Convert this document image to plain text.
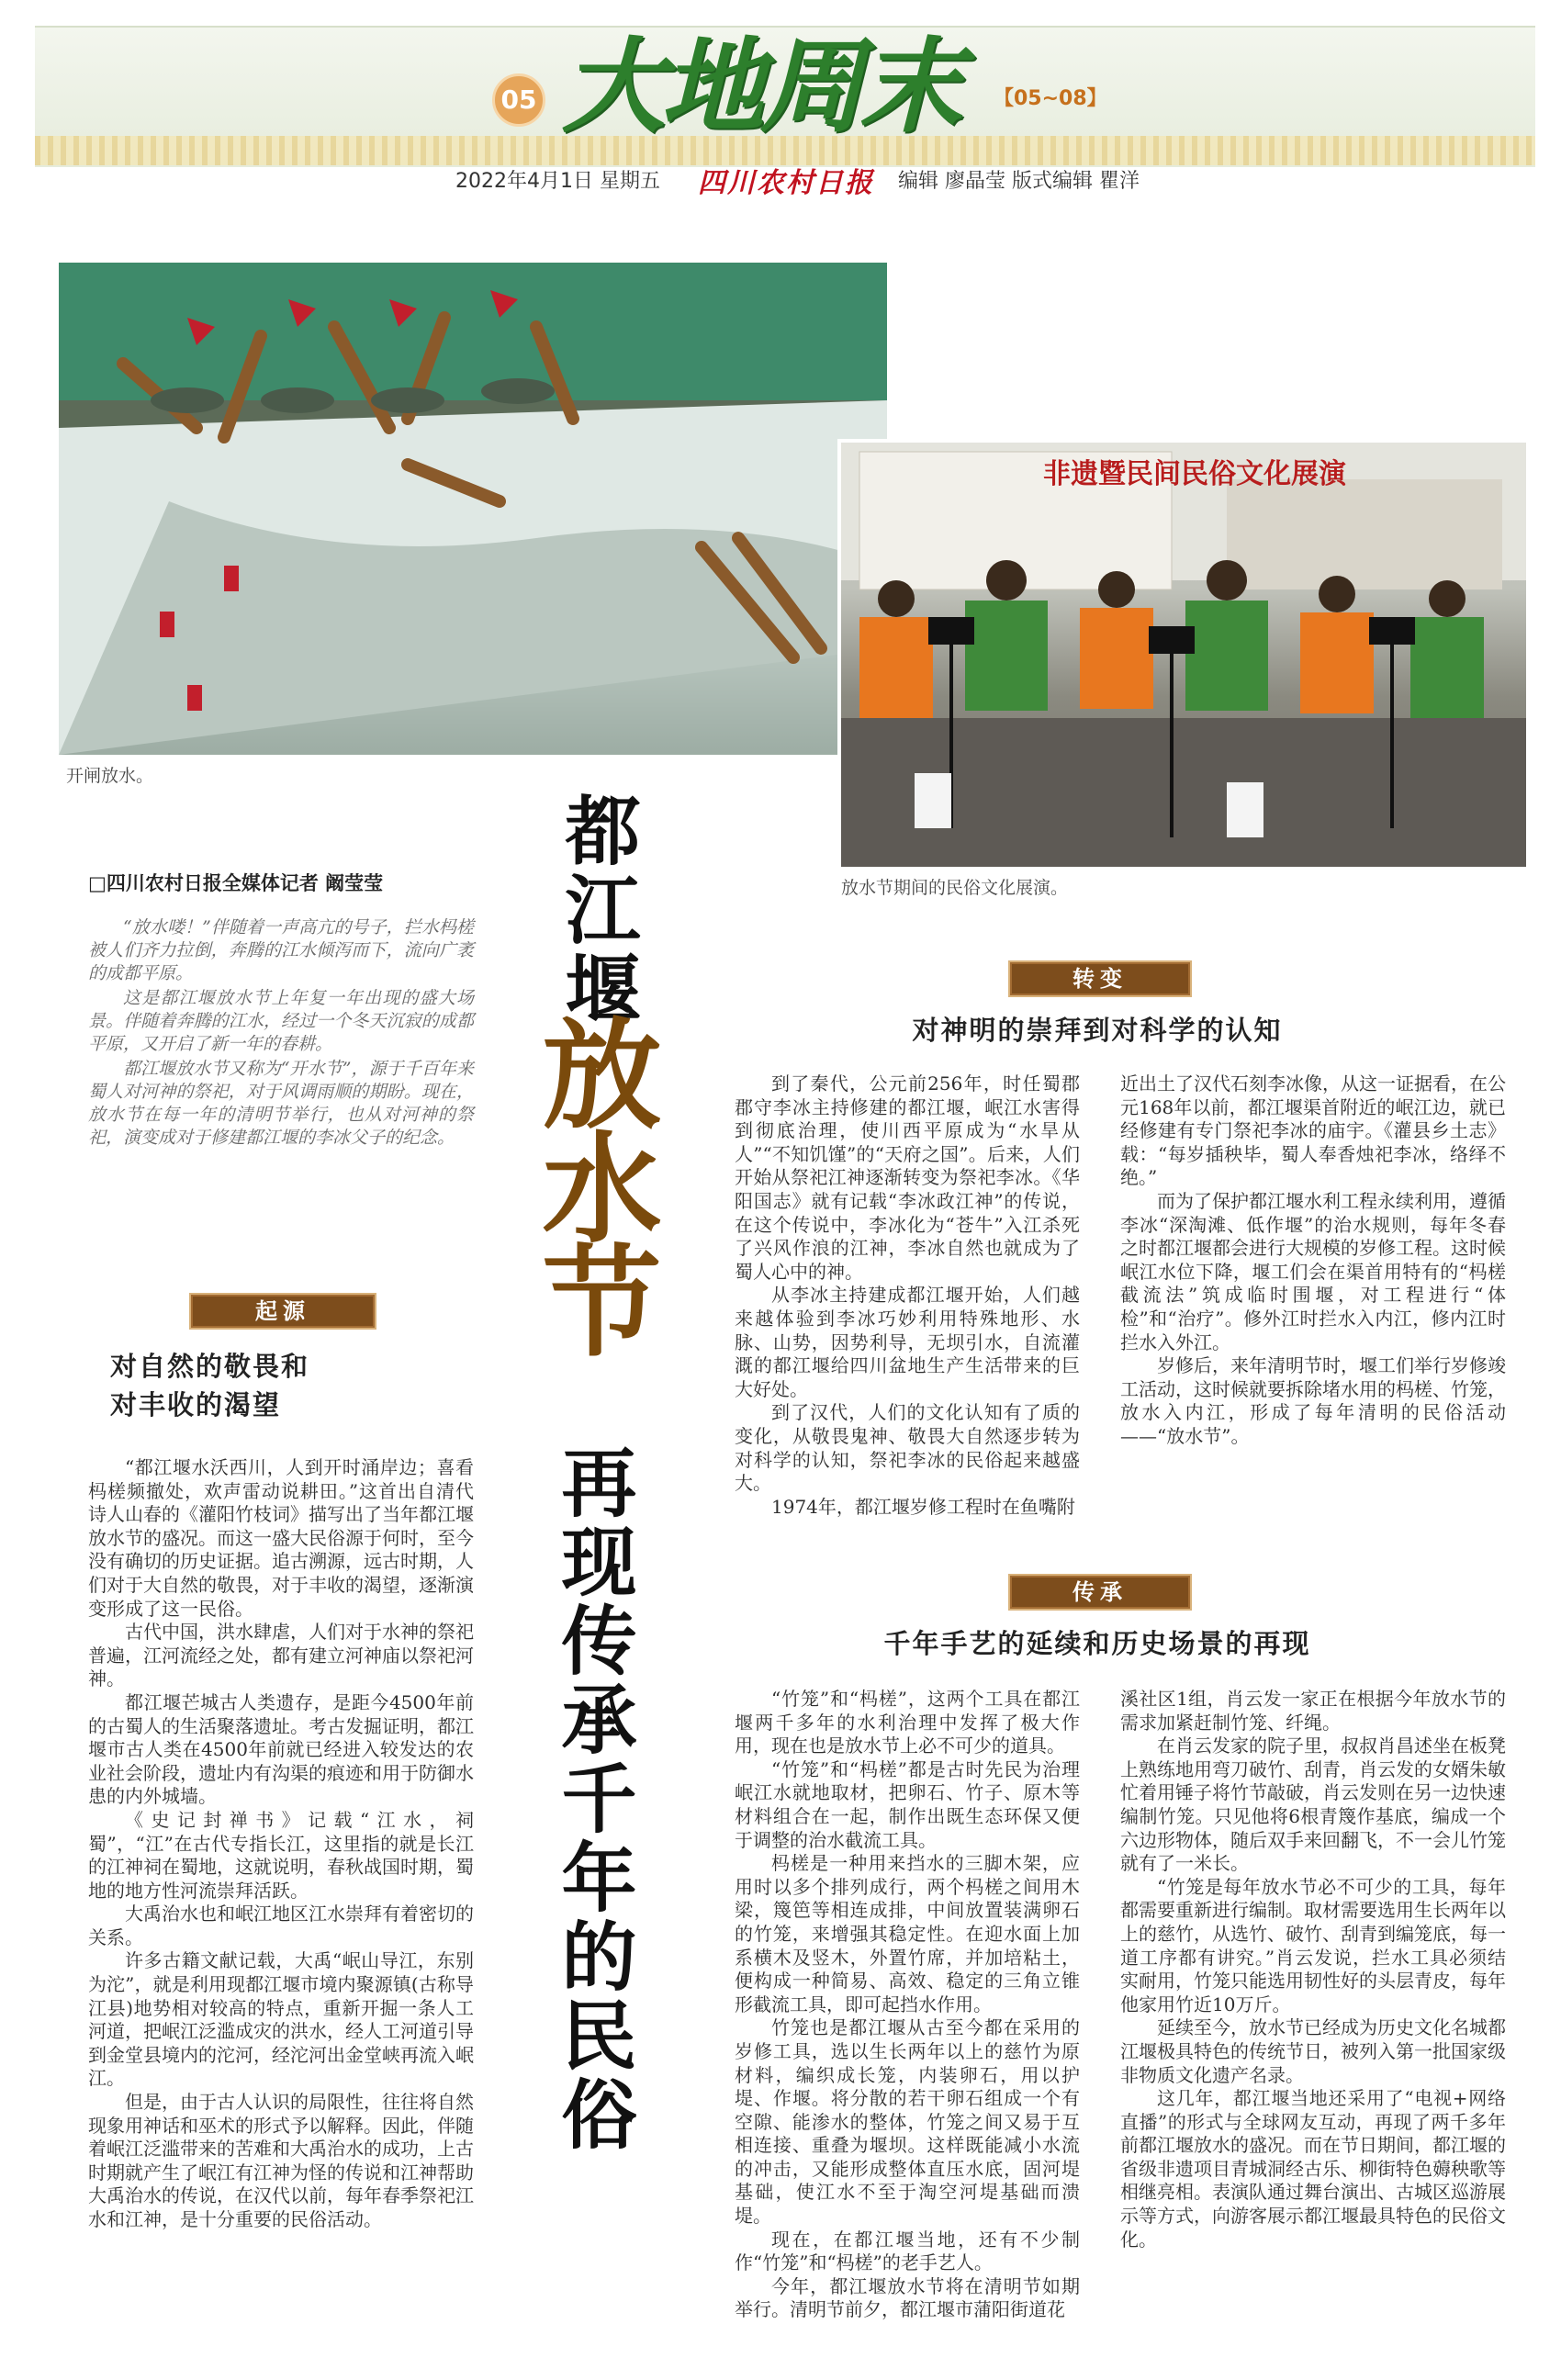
05 大地周末 【05~08】
2022年4月1日 星期五 四川农村日报 编辑 廖晶莹 版式编辑 瞿洋
开闸放水。
非遗暨民间民俗文化展演
放水节期间的民俗文化展演。
都江堰
放水节
再现传承千年的民俗
□四川农村日报全媒体记者 阚莹莹

“放水喽！”伴随着一声高亢的号子，拦水杩槎被人们齐力拉倒，奔腾的江水倾泻而下，流向广袤的成都平原。

这是都江堰放水节上年复一年出现的盛大场景。伴随着奔腾的江水，经过一个冬天沉寂的成都平原，又开启了新一年的春耕。

都江堰放水节又称为“开水节”，源于千百年来蜀人对河神的祭祀，对于风调雨顺的期盼。现在，放水节在每一年的清明节举行，也从对河神的祭祀，演变成对于修建都江堰的李冰父子的纪念。

起源
对自然的敬畏和
对丰收的渴望

“都江堰水沃西川，人到开时涌岸边；喜看杩槎频撤处，欢声雷动说耕田。”这首出自清代诗人山春的《灌阳竹枝词》描写出了当年都江堰放水节的盛况。而这一盛大民俗源于何时，至今没有确切的历史证据。追古溯源，远古时期，人们对于大自然的敬畏，对于丰收的渴望，逐渐演变形成了这一民俗。

古代中国，洪水肆虐，人们对于水神的祭祀普遍，江河流经之处，都有建立河神庙以祭祀河神。

都江堰芒城古人类遗存，是距今4500年前的古蜀人的生活聚落遗址。考古发掘证明，都江堰市古人类在4500年前就已经进入较发达的农业社会阶段，遗址内有沟渠的痕迹和用于防御水患的内外城墙。

《史记封禅书》记载“江水，祠蜀”，“江”在古代专指长江，这里指的就是长江的江神祠在蜀地，这就说明，春秋战国时期，蜀地的地方性河流崇拜活跃。

大禹治水也和岷江地区江水崇拜有着密切的关系。

许多古籍文献记载，大禹“岷山导江，东别为沱”，就是利用现都江堰市境内聚源镇(古称导江县)地势相对较高的特点，重新开掘一条人工河道，把岷江泛滥成灾的洪水，经人工河道引导到金堂县境内的沱河，经沱河出金堂峡再流入岷江。

但是，由于古人认识的局限性，往往将自然现象用神话和巫术的形式予以解释。因此，伴随着岷江泛滥带来的苦难和大禹治水的成功，上古时期就产生了岷江有江神为怪的传说和江神帮助大禹治水的传说，在汉代以前，每年春季祭祀江水和江神，是十分重要的民俗活动。

转变
对神明的崇拜到对科学的认知

到了秦代，公元前256年，时任蜀郡郡守李冰主持修建的都江堰，岷江水害得到彻底治理，使川西平原成为“水旱从人”“不知饥馑”的“天府之国”。后来，人们开始从祭祀江神逐渐转变为祭祀李冰。《华阳国志》就有记载“李冰政江神”的传说，在这个传说中，李冰化为“苍牛”入江杀死了兴风作浪的江神，李冰自然也就成为了蜀人心中的神。

从李冰主持建成都江堰开始，人们越来越体验到李冰巧妙利用特殊地形、水脉、山势，因势利导，无坝引水，自流灌溉的都江堰给四川盆地生产生活带来的巨大好处。

到了汉代，人们的文化认知有了质的变化，从敬畏鬼神、敬畏大自然逐步转为对科学的认知，祭祀李冰的民俗起来越盛大。

1974年，都江堰岁修工程时在鱼嘴附

近出土了汉代石刻李冰像，从这一证据看，在公元168年以前，都江堰渠首附近的岷江边，就已经修建有专门祭祀李冰的庙宇。《灌县乡土志》载：“每岁插秧毕，蜀人奉香烛祀李冰，络绎不绝。”

而为了保护都江堰水利工程永续利用，遵循李冰“深淘滩、低作堰”的治水规则，每年冬春之时都江堰都会进行大规模的岁修工程。这时候岷江水位下降，堰工们会在渠首用特有的“杩槎截流法”筑成临时围堰，对工程进行“体检”和“治疗”。修外江时拦水入内江，修内江时拦水入外江。

岁修后，来年清明节时，堰工们举行岁修竣工活动，这时候就要拆除堵水用的杩槎、竹笼，放水入内江，形成了每年清明的民俗活动——“放水节”。

传承
千年手艺的延续和历史场景的再现

“竹笼”和“杩槎”，这两个工具在都江堰两千多年的水利治理中发挥了极大作用，现在也是放水节上必不可少的道具。

“竹笼”和“杩槎”都是古时先民为治理岷江水就地取材，把卵石、竹子、原木等材料组合在一起，制作出既生态环保又便于调整的治水截流工具。

杩槎是一种用来挡水的三脚木架，应用时以多个排列成行，两个杩槎之间用木梁，篾笆等相连成排，中间放置装满卵石的竹笼，来增强其稳定性。在迎水面上加系横木及竖木，外置竹席，并加培粘土，便构成一种简易、高效、稳定的三角立锥形截流工具，即可起挡水作用。

竹笼也是都江堰从古至今都在采用的岁修工具，选以生长两年以上的慈竹为原材料，编织成长笼，内装卵石，用以护堤、作堰。将分散的若干卵石组成一个有空隙、能渗水的整体，竹笼之间又易于互相连接、重叠为堰坝。这样既能减小水流的冲击，又能形成整体直压水底，固河堤基础，使江水不至于淘空河堤基础而溃堤。

现在，在都江堰当地，还有不少制作“竹笼”和“杩槎”的老手艺人。

今年，都江堰放水节将在清明节如期举行。清明节前夕，都江堰市蒲阳街道花

溪社区1组，肖云发一家正在根据今年放水节的需求加紧赶制竹笼、纤绳。

在肖云发家的院子里，叔叔肖昌述坐在板凳上熟练地用弯刀破竹、刮青，肖云发的女婿朱敏忙着用锤子将竹节敲破，肖云发则在另一边快速编制竹笼。只见他将6根青篾作基底，编成一个六边形物体，随后双手来回翻飞，不一会儿竹笼就有了一米长。

“竹笼是每年放水节必不可少的工具，每年都需要重新进行编制。取材需要选用生长两年以上的慈竹，从选竹、破竹、刮青到编笼底，每一道工序都有讲究。”肖云发说，拦水工具必须结实耐用，竹笼只能选用韧性好的头层青皮，每年他家用竹近10万斤。

延续至今，放水节已经成为历史文化名城都江堰极具特色的传统节日，被列入第一批国家级非物质文化遗产名录。

这几年，都江堰当地还采用了“电视+网络直播”的形式与全球网友互动，再现了两千多年前都江堰放水的盛况。而在节日期间，都江堰的省级非遗项目青城洞经古乐、柳街特色薅秧歌等相继亮相。表演队通过舞台演出、古城区巡游展示等方式，向游客展示都江堰最具特色的民俗文化。
